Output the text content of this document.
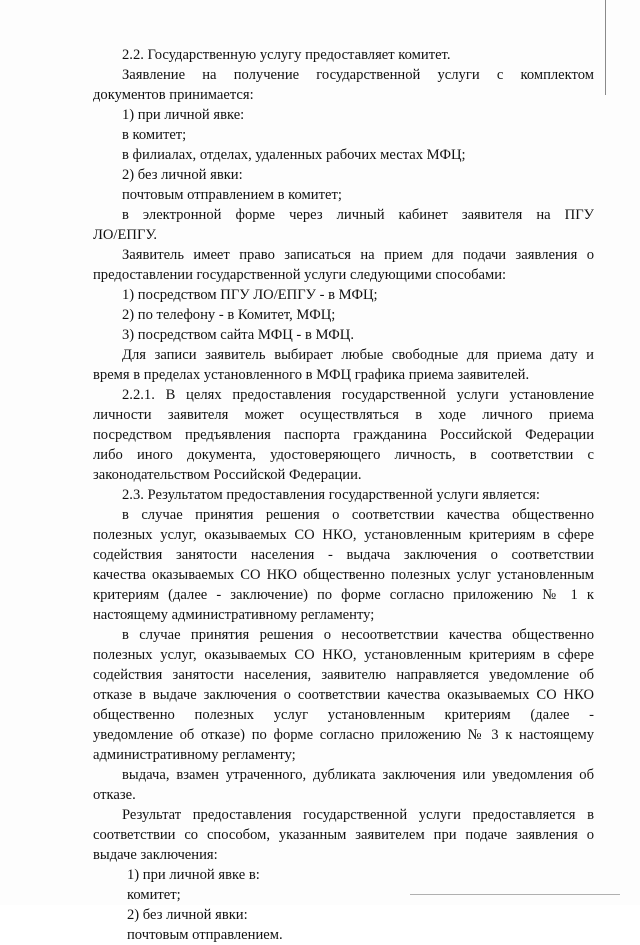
2.2. Государственную услугу предоставляет комитет.
Заявление на получение государственной услуги с комплектом
документов принимается:
1) при личной явке:
в комитет;
в филиалах, отделах, удаленных рабочих местах МФЦ;
2) без личной явки:
почтовым отправлением в комитет;
в электронной форме через личный кабинет заявителя на ПГУ
ЛО/ЕПГУ.
Заявитель имеет право записаться на прием для подачи заявления о
предоставлении государственной услуги следующими способами:
1) посредством ПГУ ЛО/ЕПГУ - в МФЦ;
2) по телефону - в Комитет, МФЦ;
3) посредством сайта МФЦ - в МФЦ.
Для записи заявитель выбирает любые свободные для приема дату и
время в пределах установленного в МФЦ графика приема заявителей.
2.2.1. В целях предоставления государственной услуги установление
личности заявителя может осуществляться в ходе личного приема
посредством предъявления паспорта гражданина Российской Федерации
либо иного документа, удостоверяющего личность, в соответствии с
законодательством Российской Федерации.
2.3. Результатом предоставления государственной услуги является:
в случае принятия решения о соответствии качества общественно
полезных услуг, оказываемых СО НКО, установленным критериям в сфере
содействия занятости населения - выдача заключения о соответствии
качества оказываемых СО НКО общественно полезных услуг установленным
критериям (далее - заключение) по форме согласно приложению № 1 к
настоящему административному регламенту;
в случае принятия решения о несоответствии качества общественно
полезных услуг, оказываемых СО НКО, установленным критериям в сфере
содействия занятости населения, заявителю направляется уведомление об
отказе в выдаче заключения о соответствии качества оказываемых СО НКО
общественно полезных услуг установленным критериям (далее -
уведомление об отказе) по форме согласно приложению № 3 к настоящему
административному регламенту;
выдача, взамен утраченного, дубликата заключения или уведомления об
отказе.
Результат предоставления государственной услуги предоставляется в
соответствии со способом, указанным заявителем при подаче заявления о
выдаче заключения:
1) при личной явке в:
комитет;
2) без личной явки:
почтовым отправлением.
